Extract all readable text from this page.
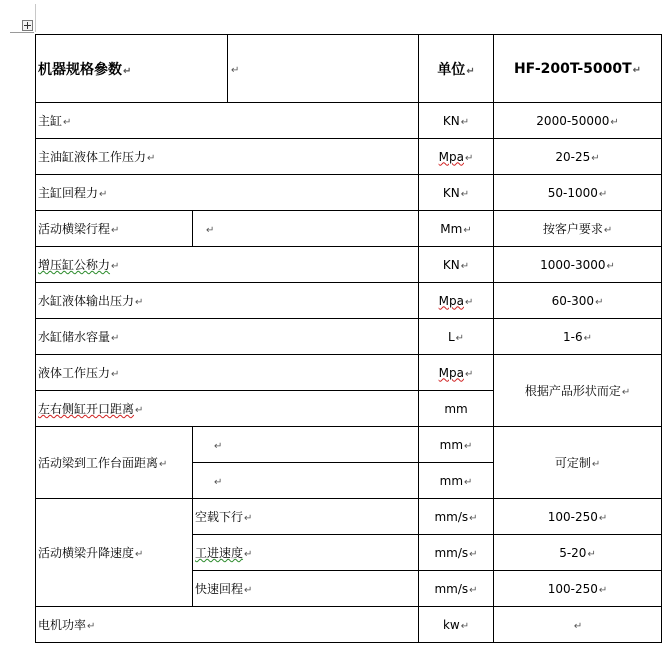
机器规格參数↵		↵	单位↵	HF-200T-5000T↵
主缸↵			KN↵	2000-50000↵
主油缸液体工作压力↵			Mpa↵	20-25↵
主缸回程力↵			KN↵	50-1000↵
活动横梁行程↵	↵		Mm↵	按客户要求↵
增压缸公称力↵			KN↵	1000-3000↵
水缸液体输出压力↵			Mpa↵	60-300↵
水缸储水容量↵			L↵	1-6↵
液体工作压力↵			Mpa↵	根据产品形状而定↵
左右侧缸开口距离↵			mm	
活动梁到工作台面距离↵	↵		mm↵	可定制↵
	↵		mm↵	
活动横梁升降速度↵	空载下行↵		mm/s↵	100-250↵
	工进速度↵		mm/s↵	5-20↵
	快速回程↵		mm/s↵	100-250↵
电机功率↵			kw↵	↵
